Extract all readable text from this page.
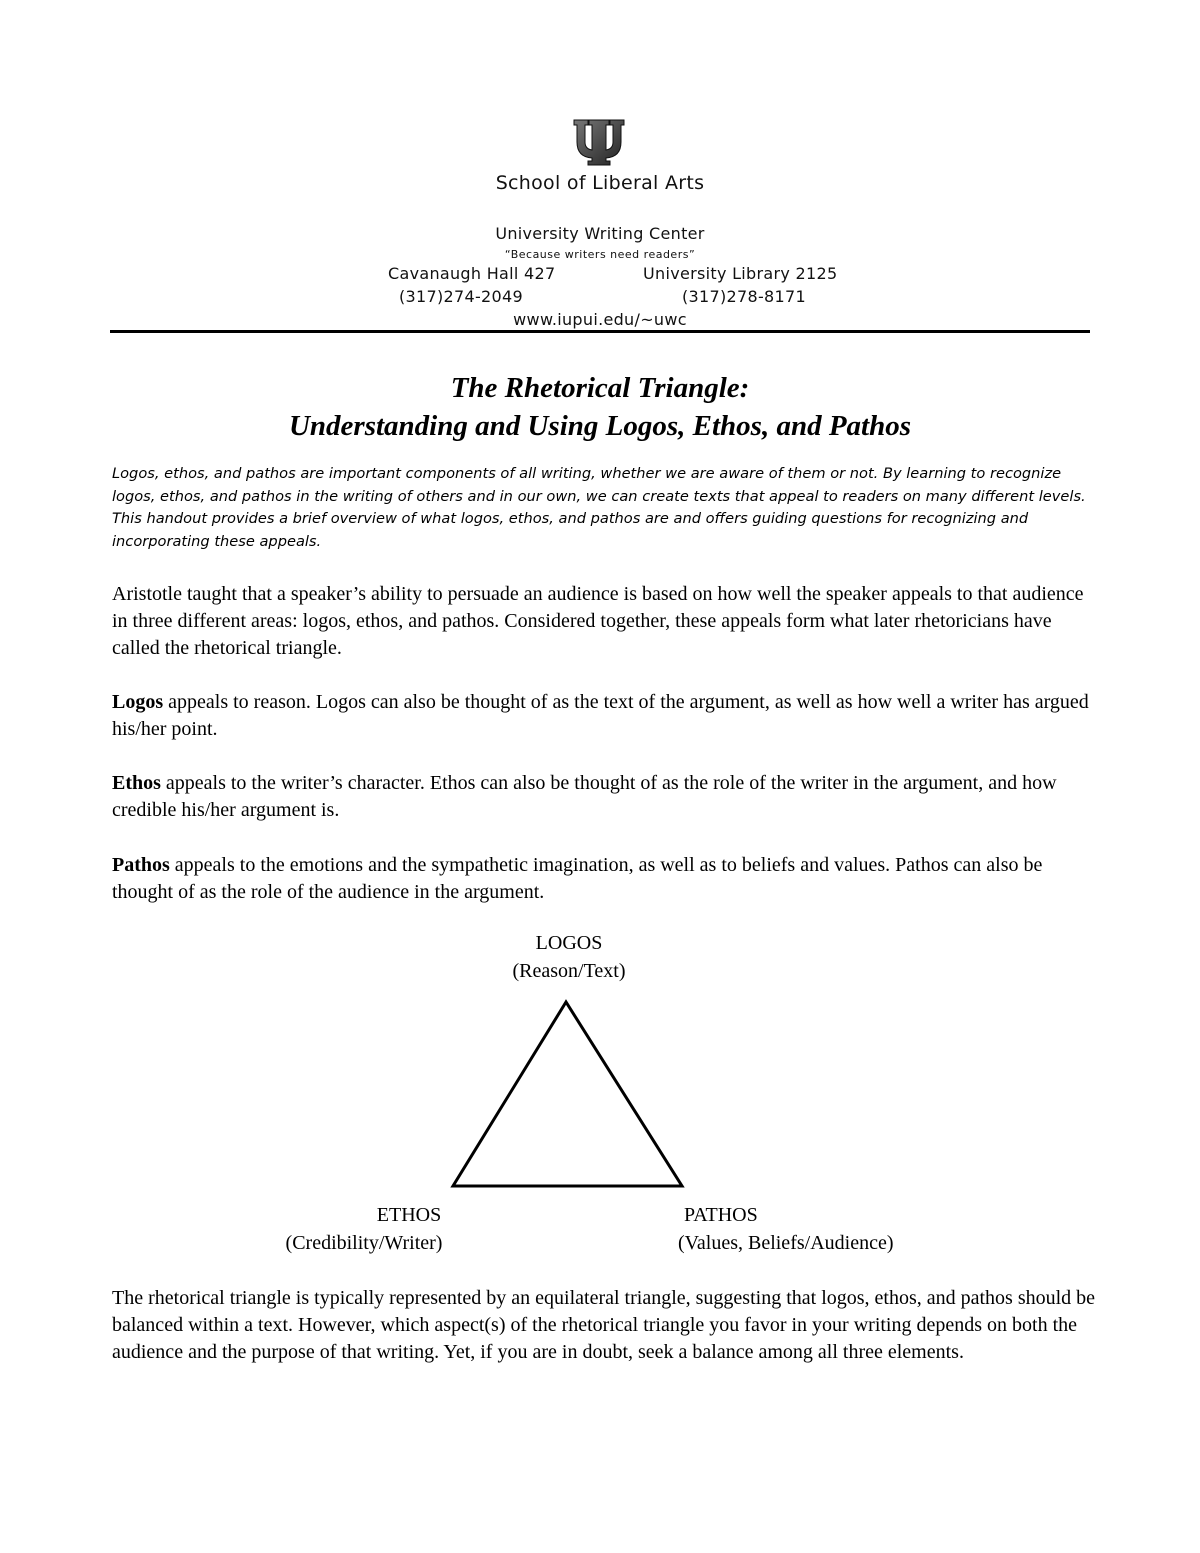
School of Liberal Arts
University Writing Center
“Because writers need readers”
Cavanaugh Hall 427	University Library 2125
(317)274-2049	(317)278-8171
www.iupui.edu/~uwc
The Rhetorical Triangle:
Understanding and Using Logos, Ethos, and Pathos
Logos, ethos, and pathos are important components of all writing, whether we are aware of them or not. By learning to recognize logos, ethos, and pathos in the writing of others and in our own, we can create texts that appeal to readers on many different levels. This handout provides a brief overview of what logos, ethos, and pathos are and offers guiding questions for recognizing and incorporating these appeals.
Aristotle taught that a speaker’s ability to persuade an audience is based on how well the speaker appeals to that audience in three different areas: logos, ethos, and pathos. Considered together, these appeals form what later rhetoricians have called the rhetorical triangle.
Logos appeals to reason. Logos can also be thought of as the text of the argument, as well as how well a writer has argued his/her point.
Ethos appeals to the writer’s character. Ethos can also be thought of as the role of the writer in the argument, and how credible his/her argument is.
Pathos appeals to the emotions and the sympathetic imagination, as well as to beliefs and values. Pathos can also be thought of as the role of the audience in the argument.
LOGOS
(Reason/Text)
ETHOS
(Credibility/Writer)
PATHOS
(Values, Beliefs/Audience)
The rhetorical triangle is typically represented by an equilateral triangle, suggesting that logos, ethos, and pathos should be balanced within a text. However, which aspect(s) of the rhetorical triangle you favor in your writing depends on both the audience and the purpose of that writing. Yet, if you are in doubt, seek a balance among all three elements.
